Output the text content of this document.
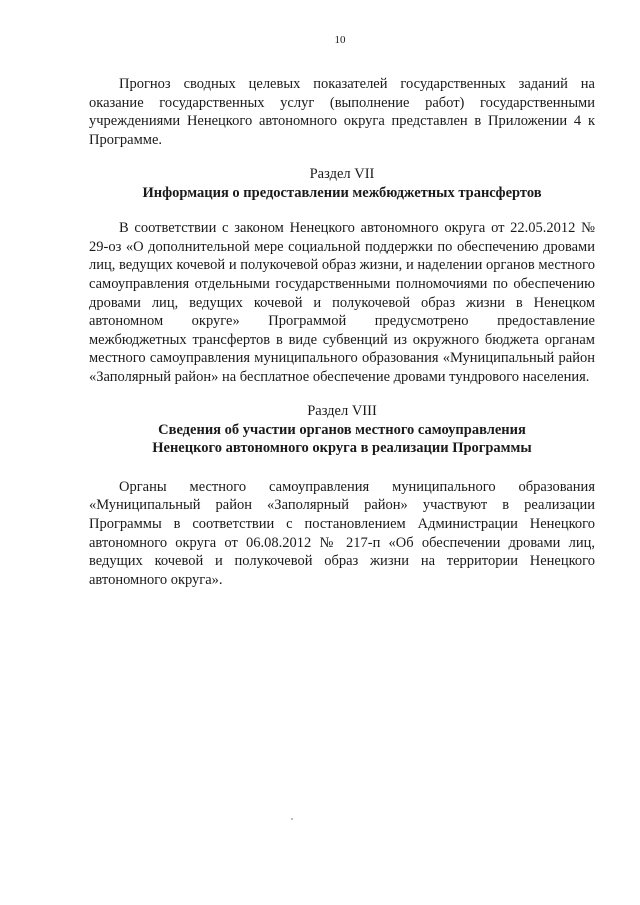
10

Прогноз сводных целевых показателей государственных заданий на оказание государственных услуг (выполнение работ) государственными учреждениями Ненецкого автономного округа представлен в Приложении 4 к Программе.

Раздел VII

Информация о предоставлении межбюджетных трансфертов

В соответствии с законом Ненецкого автономного округа от 22.05.2012 № 29-оз «О дополнительной мере социальной поддержки по обеспечению дровами лиц, ведущих кочевой и полукочевой образ жизни, и наделении органов местного самоуправления отдельными государственными полномочиями по обеспечению дровами лиц, ведущих кочевой и полукочевой образ жизни в Ненецком автономном округе» Программой предусмотрено предоставление межбюджетных трансфертов в виде субвенций из окружного бюджета органам местного самоуправления муниципального образования «Муниципальный район «Заполярный район» на бесплатное обеспечение дровами тундрового населения.

Раздел VIII

Сведения об участии органов местного самоуправления

Ненецкого автономного округа в реализации Программы

Органы местного самоуправления муниципального образования «Муниципальный район «Заполярный район» участвуют в реализации Программы в соответствии с постановлением Администрации Ненецкого автономного округа от 06.08.2012 № 217-п «Об обеспечении дровами лиц, ведущих кочевой и полукочевой образ жизни на территории Ненецкого автономного округа».
